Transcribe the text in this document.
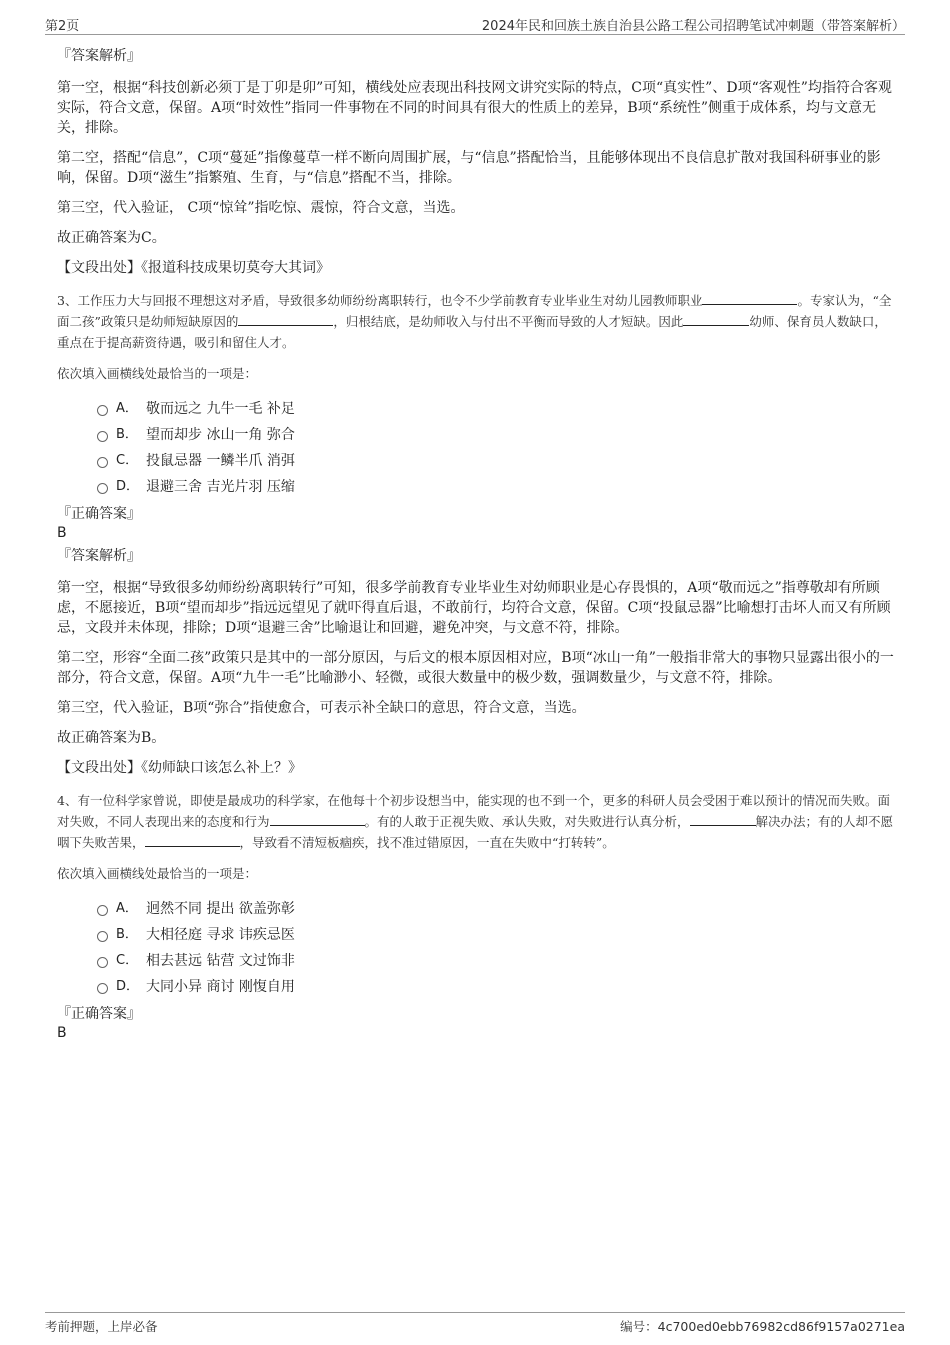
第2页	2024年民和回族土族自治县公路工程公司招聘笔试冲刺题（带答案解析）

『答案解析』

第一空，根据“科技创新必须丁是丁卯是卯”可知，横线处应表现出科技网文讲究实际的特点，C项“真实性”、D项“客观性”均指符合客观实际，符合文意，保留。A项“时效性”指同一件事物在不同的时间具有很大的性质上的差异，B项“系统性”侧重于成体系，均与文意无关，排除。

第二空，搭配“信息”，C项“蔓延”指像蔓草一样不断向周围扩展，与“信息”搭配恰当，且能够体现出不良信息扩散对我国科研事业的影响，保留。D项“滋生”指繁殖、生育，与“信息”搭配不当，排除。

第三空，代入验证， C项“惊耸”指吃惊、震惊，符合文意，当选。

故正确答案为C。

【文段出处】《报道科技成果切莫夸大其词》

3、工作压力大与回报不理想这对矛盾，导致很多幼师纷纷离职转行，也令不少学前教育专业毕业生对幼儿园教师职业	。专家认为，“全面二孩”政策只是幼师短缺原因的	，归根结底，是幼师收入与付出不平衡而导致的人才短缺。因此	幼师、保育员人数缺口，重点在于提高薪资待遇，吸引和留住人才。

依次填入画横线处最恰当的一项是：

A． 敬而远之 九牛一毛 补足
B． 望而却步 冰山一角 弥合
C． 投鼠忌器 一鳞半爪 消弭
D． 退避三舍 吉光片羽 压缩

『正确答案』

B

『答案解析』

第一空，根据“导致很多幼师纷纷离职转行”可知，很多学前教育专业毕业生对幼师职业是心存畏惧的，A项“敬而远之”指尊敬却有所顾虑，不愿接近，B项“望而却步”指远远望见了就吓得直后退，不敢前行，均符合文意，保留。C项“投鼠忌器”比喻想打击坏人而又有所顾忌，文段并未体现，排除；D项“退避三舍”比喻退让和回避，避免冲突，与文意不符，排除。

第二空，形容“全面二孩”政策只是其中的一部分原因，与后文的根本原因相对应，B项“冰山一角”一般指非常大的事物只显露出很小的一部分，符合文意，保留。A项“九牛一毛”比喻渺小、轻微，或很大数量中的极少数，强调数量少，与文意不符，排除。

第三空，代入验证，B项“弥合”指使愈合，可表示补全缺口的意思，符合文意，当选。

故正确答案为B。

【文段出处】《幼师缺口该怎么补上？》

4、有一位科学家曾说，即使是最成功的科学家，在他每十个初步设想当中，能实现的也不到一个，更多的科研人员会受困于难以预计的情况而失败。面对失败，不同人表现出来的态度和行为	。有的人敢于正视失败、承认失败，对失败进行认真分析，	解决办法；有的人却不愿咽下失败苦果，	，导致看不清短板痼疾，找不准过错原因，一直在失败中“打转转”。

依次填入画横线处最恰当的一项是：

A． 迥然不同 提出 欲盖弥彰
B． 大相径庭 寻求 讳疾忌医
C． 相去甚远 钻营 文过饰非
D． 大同小异 商讨 刚愎自用

『正确答案』

B

考前押题，上岸必备	编号：4c700ed0ebb76982cd86f9157a0271ea
